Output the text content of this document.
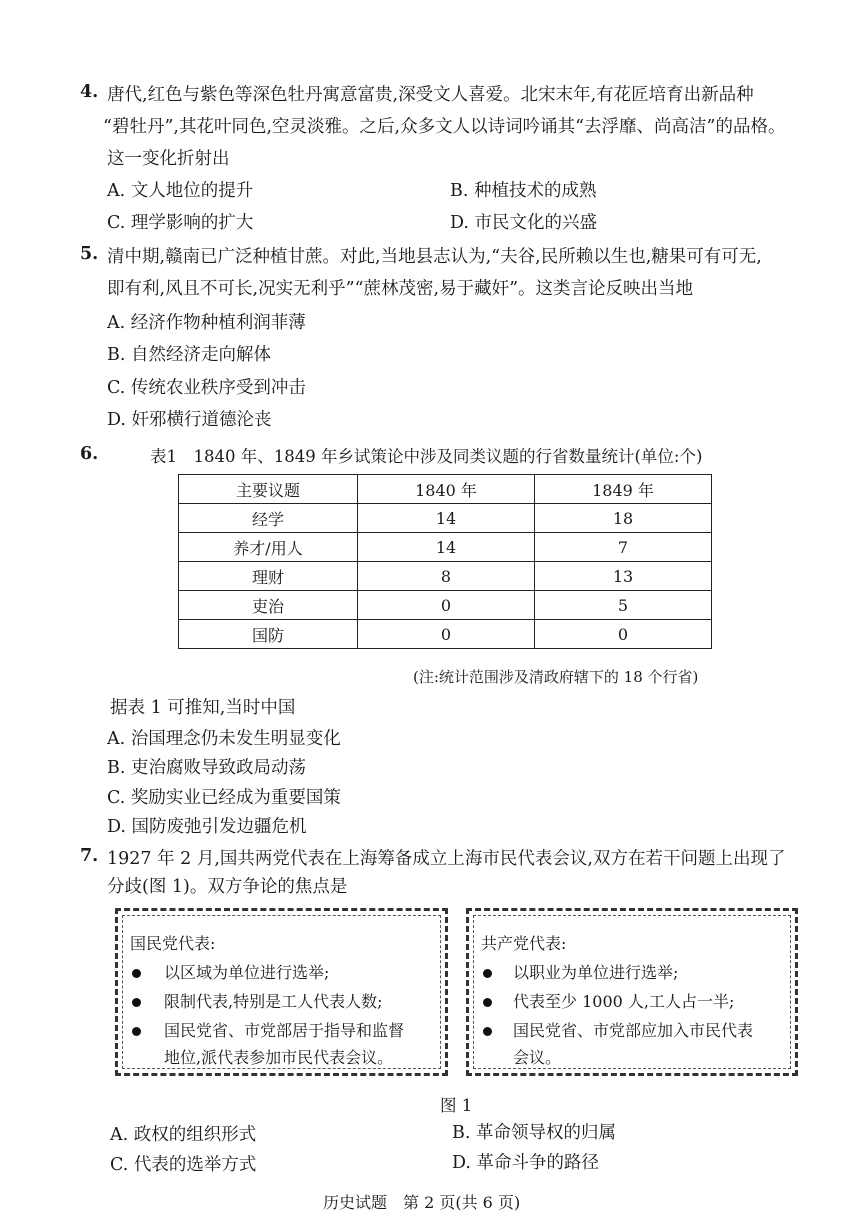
4. 唐代,红色与紫色等深色牡丹寓意富贵,深受文人喜爱。北宋末年,有花匠培育出新品种
“碧牡丹”,其花叶同色,空灵淡雅。之后,众多文人以诗词吟诵其“去浮靡、尚高洁”的品格。
这一变化折射出
A. 文人地位的提升	B. 种植技术的成熟
C. 理学影响的扩大	D. 市民文化的兴盛
5. 清中期,赣南已广泛种植甘蔗。对此,当地县志认为,“夫谷,民所赖以生也,糖果可有可无,
即有利,风且不可长,况实无利乎”“蔗林茂密,易于藏奸”。这类言论反映出当地
A. 经济作物种植利润菲薄
B. 自然经济走向解体
C. 传统农业秩序受到冲击
D. 奸邪横行道德沦丧
6.	表1　1840 年、1849 年乡试策论中涉及同类议题的行省数量统计(单位:个)
主要议题	1840 年	1849 年
经学	14	18
养才/用人	14	7
理财	8	13
吏治	0	5
国防	0	0
(注:统计范围涉及清政府辖下的 18 个行省)
据表 1 可推知,当时中国
A. 治国理念仍未发生明显变化
B. 吏治腐败导致政局动荡
C. 奖励实业已经成为重要国策
D. 国防废弛引发边疆危机
7. 1927 年 2 月,国共两党代表在上海筹备成立上海市民代表会议,双方在若干问题上出现了
分歧(图 1)。双方争论的焦点是
国民党代表:
以区域为单位进行选举;
限制代表,特别是工人代表人数;
国民党省、市党部居于指导和监督
地位,派代表参加市民代表会议。
共产党代表:
以职业为单位进行选举;
代表至少 1000 人,工人占一半;
国民党省、市党部应加入市民代表
会议。
图 1
A. 政权的组织形式	B. 革命领导权的归属
C. 代表的选举方式	D. 革命斗争的路径
历史试题　第 2 页(共 6 页)
